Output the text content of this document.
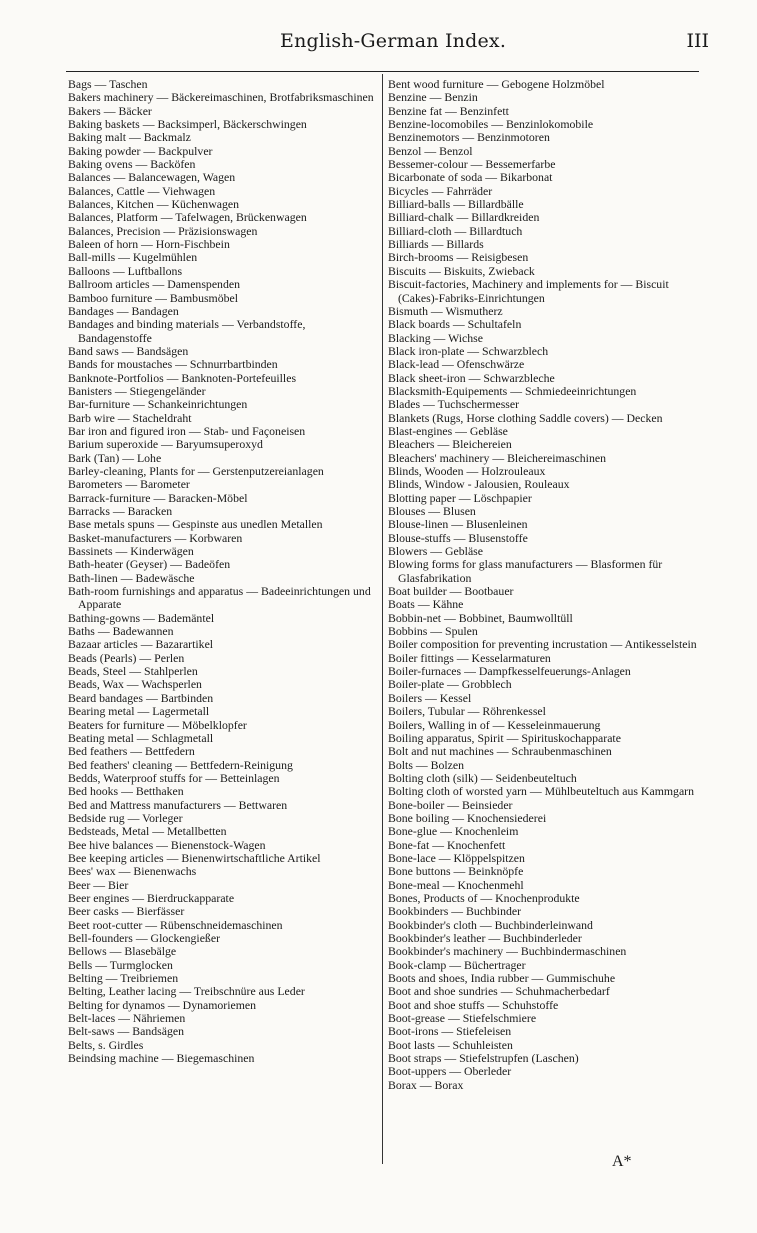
English-German Index.	III

Bags — Taschen

Bakers machinery — Bäckereimaschinen, Brotfabriksmaschinen

Bakers — Bäcker

Baking baskets — Backsimperl, Bäckerschwingen

Baking malt — Backmalz

Baking powder — Backpulver

Baking ovens — Backöfen

Balances — Balancewagen, Wagen

Balances, Cattle — Viehwagen

Balances, Kitchen — Küchenwagen

Balances, Platform — Tafelwagen, Brückenwagen

Balances, Precision — Präzisionswagen

Baleen of horn — Horn-Fischbein

Ball-mills — Kugelmühlen

Balloons — Luftballons

Ballroom articles — Damenspenden

Bamboo furniture — Bambusmöbel

Bandages — Bandagen

Bandages and binding materials — Verbandstoffe, Bandagenstoffe

Band saws — Bandsägen

Bands for moustaches — Schnurrbartbinden

Banknote-Portfolios — Banknoten-Portefeuilles

Banisters — Stiegengeländer

Bar-furniture — Schankeinrichtungen

Barb wire — Stacheldraht

Bar iron and figured iron — Stab- und Façoneisen

Barium superoxide — Baryumsuperoxyd

Bark (Tan) — Lohe

Barley-cleaning, Plants for — Gerstenputzereianlagen

Barometers — Barometer

Barrack-furniture — Baracken-Möbel

Barracks — Baracken

Base metals spuns — Gespinste aus unedlen Metallen

Basket-manufacturers — Korbwaren

Bassinets — Kinderwägen

Bath-heater (Geyser) — Badeöfen

Bath-linen — Badewäsche

Bath-room furnishings and apparatus — Badeeinrichtungen und Apparate

Bathing-gowns — Bademäntel

Baths — Badewannen

Bazaar articles — Bazarartikel

Beads (Pearls) — Perlen

Beads, Steel — Stahlperlen

Beads, Wax — Wachsperlen

Beard bandages — Bartbinden

Bearing metal — Lagermetall

Beaters for furniture — Möbelklopfer

Beating metal — Schlagmetall

Bed feathers — Bettfedern

Bed feathers' cleaning — Bettfedern-Reinigung

Bedds, Waterproof stuffs for — Betteinlagen

Bed hooks — Betthaken

Bed and Mattress manufacturers — Bettwaren

Bedside rug — Vorleger

Bedsteads, Metal — Metallbetten

Bee hive balances — Bienenstock-Wagen

Bee keeping articles — Bienenwirtschaftliche Artikel

Bees' wax — Bienenwachs

Beer — Bier

Beer engines — Bierdruckapparate

Beer casks — Bierfässer

Beet root-cutter — Rübenschneidemaschinen

Bell-founders — Glockengießer

Bellows — Blasebälge

Bells — Turmglocken

Belting — Treibriemen

Belting, Leather lacing — Treibschnüre aus Leder

Belting for dynamos — Dynamoriemen

Belt-laces — Nähriemen

Belt-saws — Bandsägen

Belts, s. Girdles

Beindsing machine — Biegemaschinen

Bent wood furniture — Gebogene Holzmöbel

Benzine — Benzin

Benzine fat — Benzinfett

Benzine-locomobiles — Benzinlokomobile

Benzinemotors — Benzinmotoren

Benzol — Benzol

Bessemer-colour — Bessemerfarbe

Bicarbonate of soda — Bikarbonat

Bicycles — Fahrräder

Billiard-balls — Billardbälle

Billiard-chalk — Billardkreiden

Billiard-cloth — Billardtuch

Billiards — Billards

Birch-brooms — Reisigbesen

Biscuits — Biskuits, Zwieback

Biscuit-factories, Machinery and implements for — Biscuit (Cakes)-Fabriks-Einrichtungen

Bismuth — Wismutherz

Black boards — Schultafeln

Blacking — Wichse

Black iron-plate — Schwarzblech

Black-lead — Ofenschwärze

Black sheet-iron — Schwarzbleche

Blacksmith-Equipements — Schmiedeeinrichtungen

Blades — Tuchschermesser

Blankets (Rugs, Horse clothing Saddle covers) — Decken

Blast-engines — Gebläse

Bleachers — Bleichereien

Bleachers' machinery — Bleichereimaschinen

Blinds, Wooden — Holzrouleaux

Blinds, Window - Jalousien, Rouleaux

Blotting paper — Löschpapier

Blouses — Blusen

Blouse-linen — Blusenleinen

Blouse-stuffs — Blusenstoffe

Blowers — Gebläse

Blowing forms for glass manufacturers — Blasformen für Glasfabrikation

Boat builder — Bootbauer

Boats — Kähne

Bobbin-net — Bobbinet, Baumwolltüll

Bobbins — Spulen

Boiler composition for preventing incrustation — Antikesselstein

Boiler fittings — Kesselarmaturen

Boiler-furnaces — Dampfkesselfeuerungs-Anlagen

Boiler-plate — Grobblech

Boilers — Kessel

Boilers, Tubular — Röhrenkessel

Boilers, Walling in of — Kesseleinmauerung

Boiling apparatus, Spirit — Spirituskochapparate

Bolt and nut machines — Schraubenmaschinen

Bolts — Bolzen

Bolting cloth (silk) — Seidenbeuteltuch

Bolting cloth of worsted yarn — Mühlbeuteltuch aus Kammgarn

Bone-boiler — Beinsieder

Bone boiling — Knochensiederei

Bone-glue — Knochenleim

Bone-fat — Knochenfett

Bone-lace — Klöppelspitzen

Bone buttons — Beinknöpfe

Bone-meal — Knochenmehl

Bones, Products of — Knochenprodukte

Bookbinders — Buchbinder

Bookbinder's cloth — Buchbinderleinwand

Bookbinder's leather — Buchbinderleder

Bookbinder's machinery — Buchbindermaschinen

Book-clamp — Büchertrager

Boots and shoes, India rubber — Gummischuhe

Boot and shoe sundries — Schuhmacherbedarf

Boot and shoe stuffs — Schuhstoffe

Boot-grease — Stiefelschmiere

Boot-irons — Stiefeleisen

Boot lasts — Schuhleisten

Boot straps — Stiefelstrupfen (Laschen)

Boot-uppers — Oberleder

Borax — Borax

A*
